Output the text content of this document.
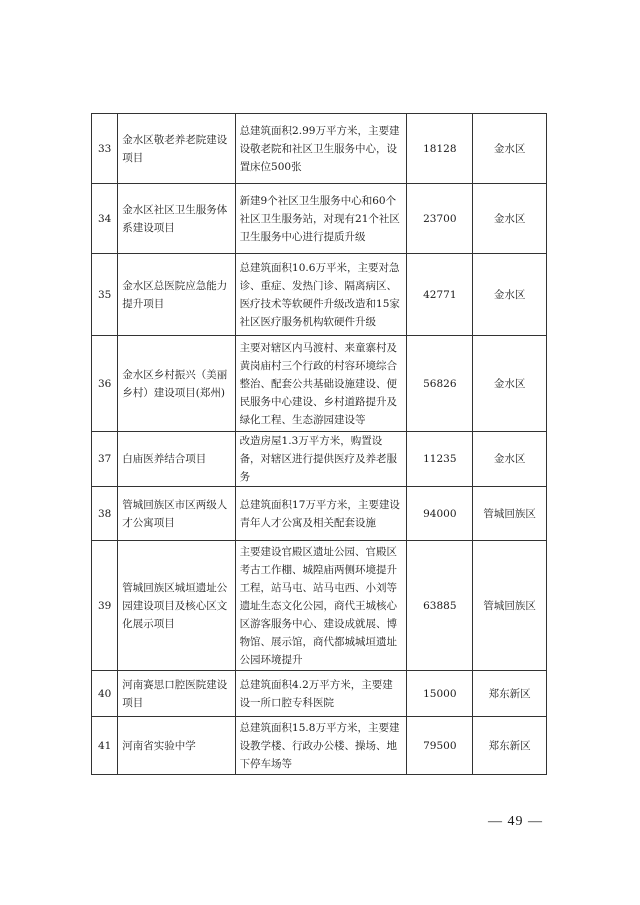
33	金水区敬老养老院建设项目	总建筑面积2.99万平方米，主要建设敬老院和社区卫生服务中心，设置床位500张	18128	金水区
34	金水区社区卫生服务体系建设项目	新建9个社区卫生服务中心和60个社区卫生服务站，对现有21个社区卫生服务中心进行提质升级	23700	金水区
35	金水区总医院应急能力提升项目	总建筑面积10.6万平米，主要对急诊、重症、发热门诊、隔离病区、医疗技术等软硬件升级改造和15家社区医疗服务机构软硬件升级	42771	金水区
36	金水区乡村振兴（美丽乡村）建设项目(郑州)	主要对辖区内马渡村、来童寨村及黄岗庙村三个行政的村容环境综合整治、配套公共基础设施建设、便民服务中心建设、乡村道路提升及绿化工程、生态游园建设等	56826	金水区
37	白庙医养结合项目	改造房屋1.3万平方米，购置设备，对辖区进行提供医疗及养老服务	11235	金水区
38	管城回族区市区两级人才公寓项目	总建筑面积17万平方米，主要建设青年人才公寓及相关配套设施	94000	管城回族区
39	管城回族区城垣遗址公园建设项目及核心区文化展示项目	主要建设官殿区遗址公园、官殿区考古工作棚、城隍庙两侧环境提升工程，站马屯、站马屯西、小刘等遗址生态文化公园，商代王城核心区游客服务中心、建设成就展、博物馆、展示馆，商代都城城垣遗址公园环境提升	63885	管城回族区
40	河南赛思口腔医院建设项目	总建筑面积4.2万平方米，主要建设一所口腔专科医院	15000	郑东新区
41	河南省实验中学	总建筑面积15.8万平方米，主要建设教学楼、行政办公楼、操场、地下停车场等	79500	郑东新区
— 49 —
